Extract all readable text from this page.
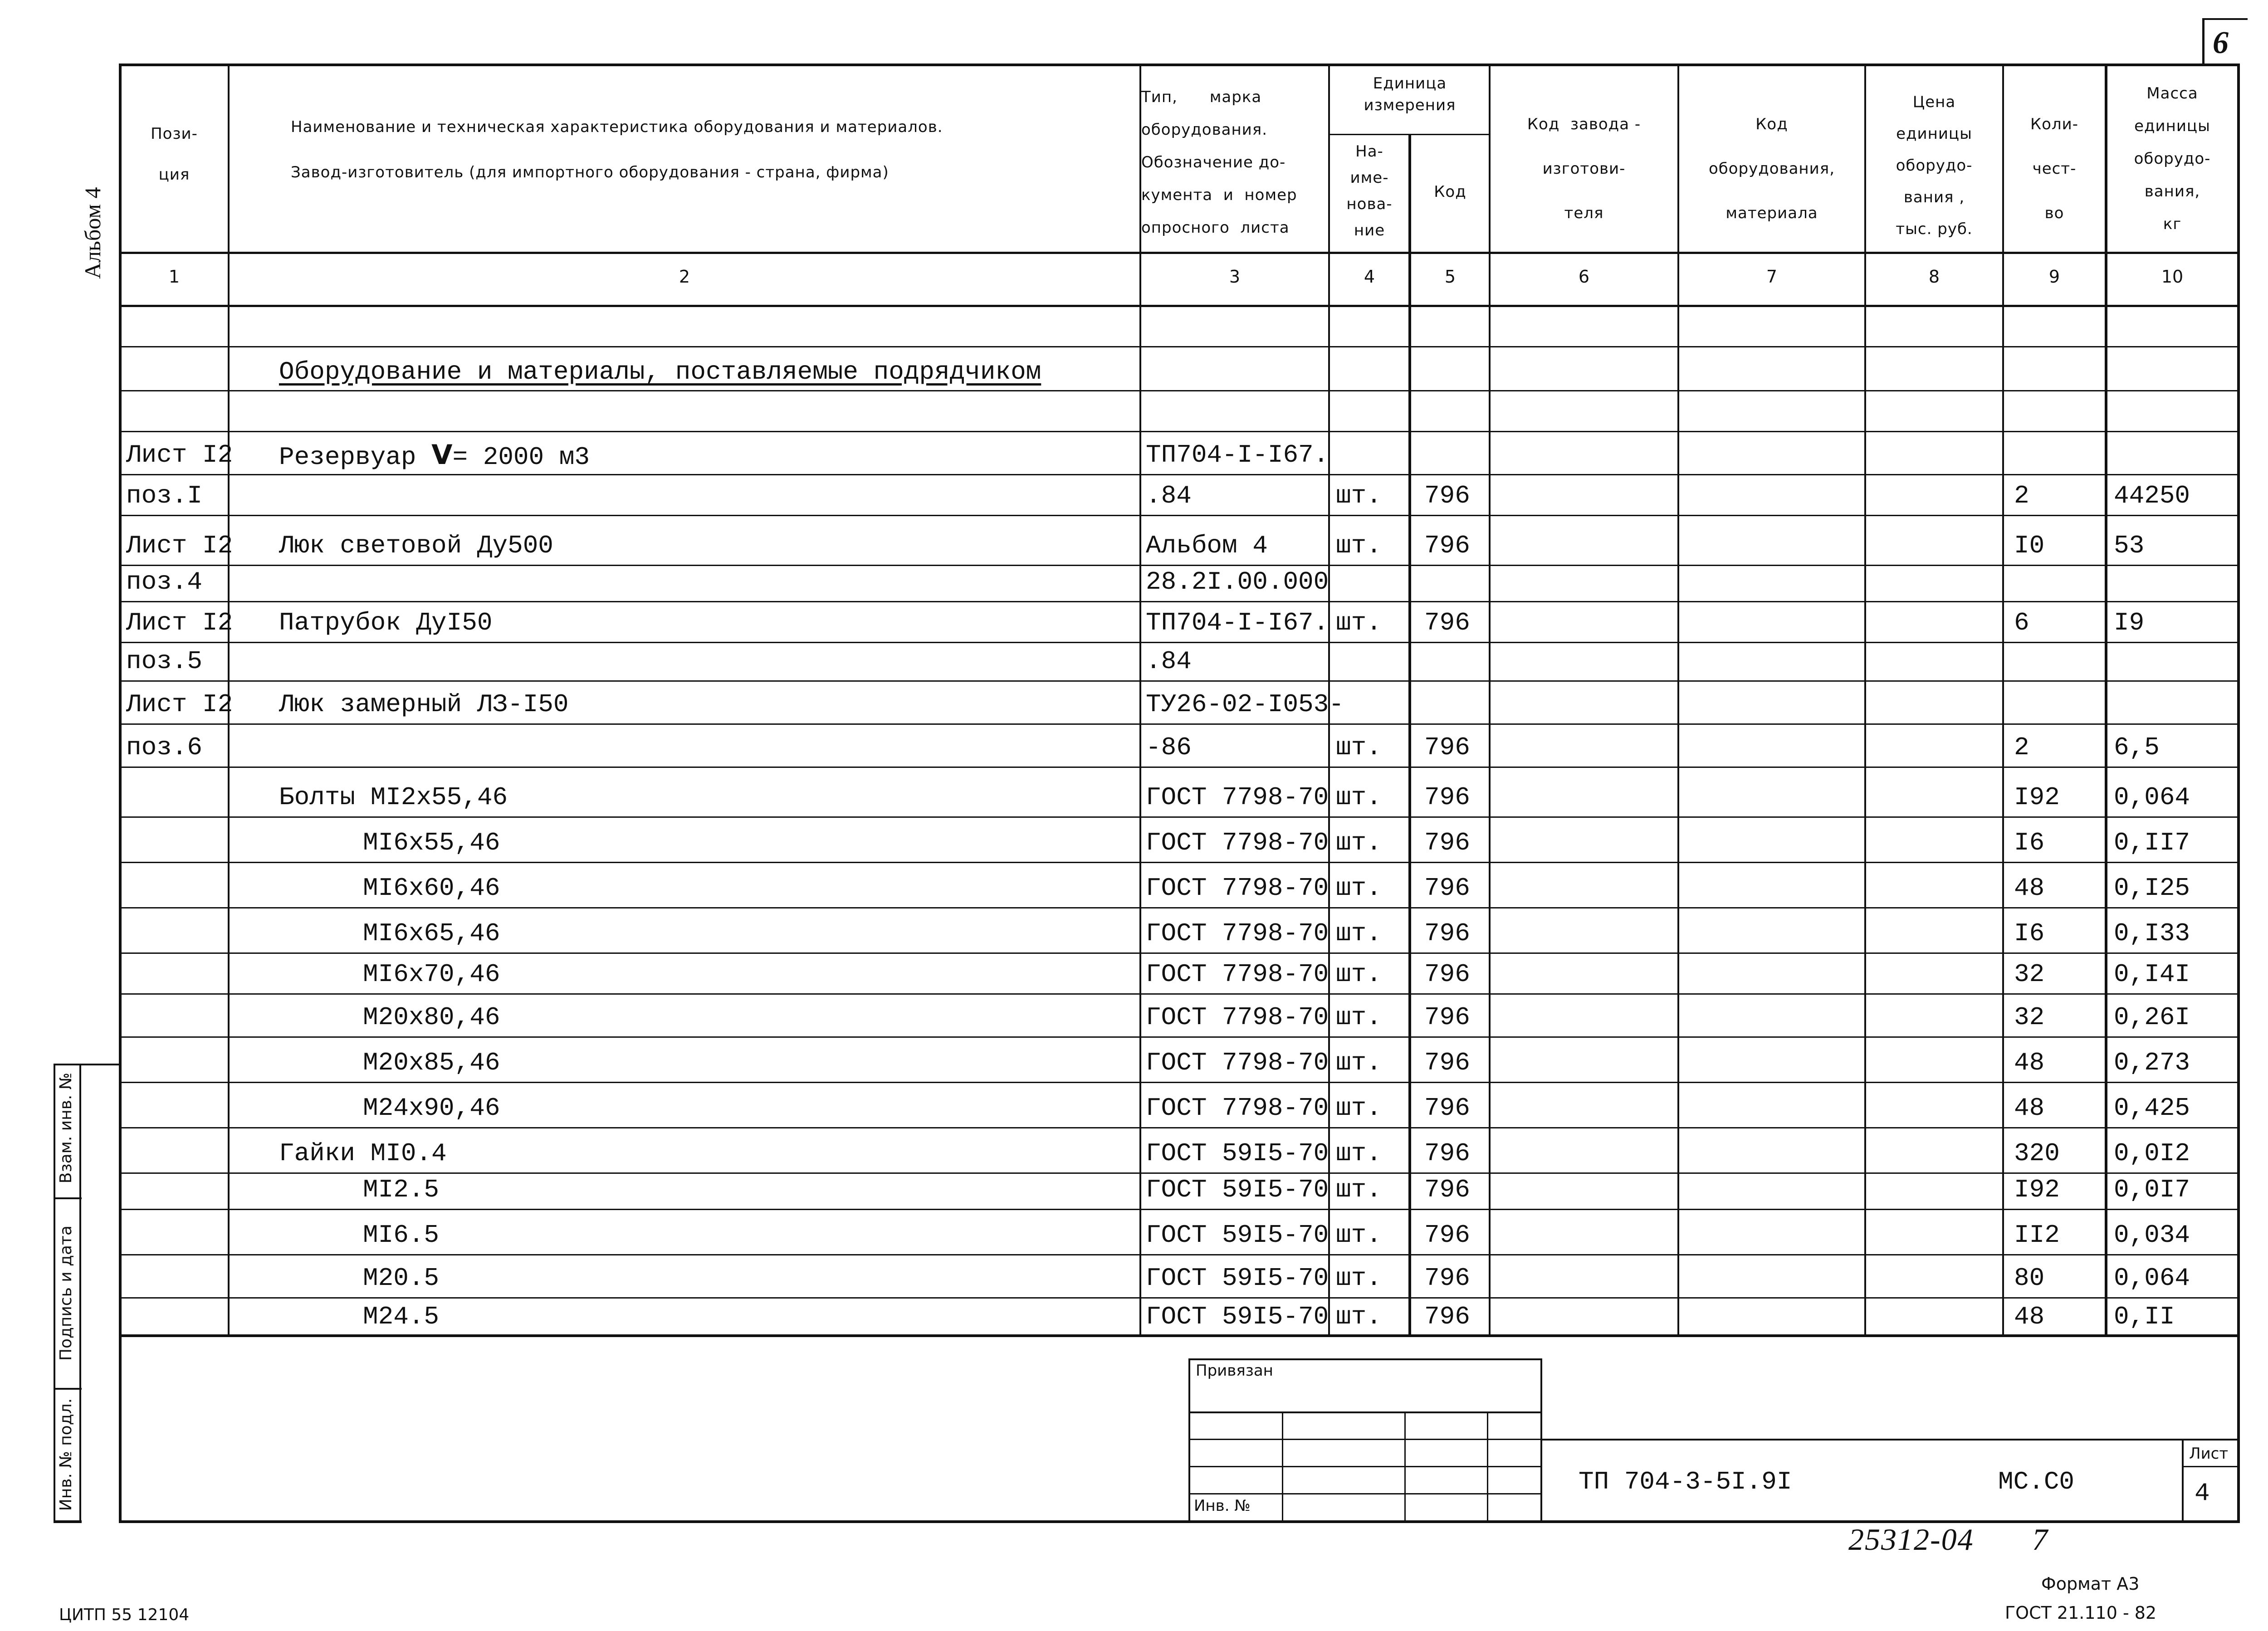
Пози-
ция
Наименование и техническая характеристика оборудования и материалов.
Завод-изготовитель (для импортного оборудования - страна, фирма)
Тип,      марка
оборудования.
Обозначение до-
кумента  и  номер
опросного  листа
Единица
измерения
На-
име-
нова-
ние
Код
Код  завода -
изготови-
теля
Код
оборудования,
материала
Цена
единицы
оборудо-
вания ,
тыс. руб.
Коли-
чест-
во
Масса
единицы
оборудо-
вания,
кг
1	2	3	4	5	6	7	8	9	10
Оборудование и материалы, поставляемые подрядчиком
Лист I2 Резервуар V= 2000 м3	ТП704-I-I67.
поз.I	.84	шт. 796	2	44250
Лист I2 Люк световой Ду500	Альбом 4	шт. 796	I0	53
поз.4	28.2I.00.000
Лист I2 Патрубок ДуI50	ТП704-I-I67. шт. 796	6	I9
поз.5	.84
Лист I2 Люк замерный ЛЗ-I50	ТУ26-02-I053-
поз.6	-86	шт. 796	2	6,5
Болты МI2х55,46	ГОСТ 7798-70 шт. 796	I92 0,064
МI6х55,46	ГОСТ 7798-70 шт. 796	I6	0,II7
МI6х60,46	ГОСТ 7798-70 шт. 796	48	0,I25
МI6х65,46	ГОСТ 7798-70 шт. 796	I6	0,I33
МI6х70,46	ГОСТ 7798-70 шт. 796	32	0,I4I
М20х80,46	ГОСТ 7798-70 шт. 796	32	0,26I
М20х85,46	ГОСТ 7798-70 шт. 796	48	0,273
М24х90,46	ГОСТ 7798-70 шт. 796	48	0,425
Гайки МI0.4	ГОСТ 59I5-70 шт. 796	320 0,0I2
МI2.5	ГОСТ 59I5-70 шт. 796	I92 0,0I7
МI6.5	ГОСТ 59I5-70 шт. 796	II2 0,034
М20.5	ГОСТ 59I5-70 шт. 796	80	0,064
М24.5	ГОСТ 59I5-70 шт. 796	48	0,II
Альбом 4
6
Взам. инв. №
Подпись и дата
Инв. № подл.
Привязан
Инв. №
ТП 704-3-5I.9I	МС.С0
Лист
4
25312-04 7
Формат А3
ГОСТ 21.110 - 82
ЦИТП 55 12104
